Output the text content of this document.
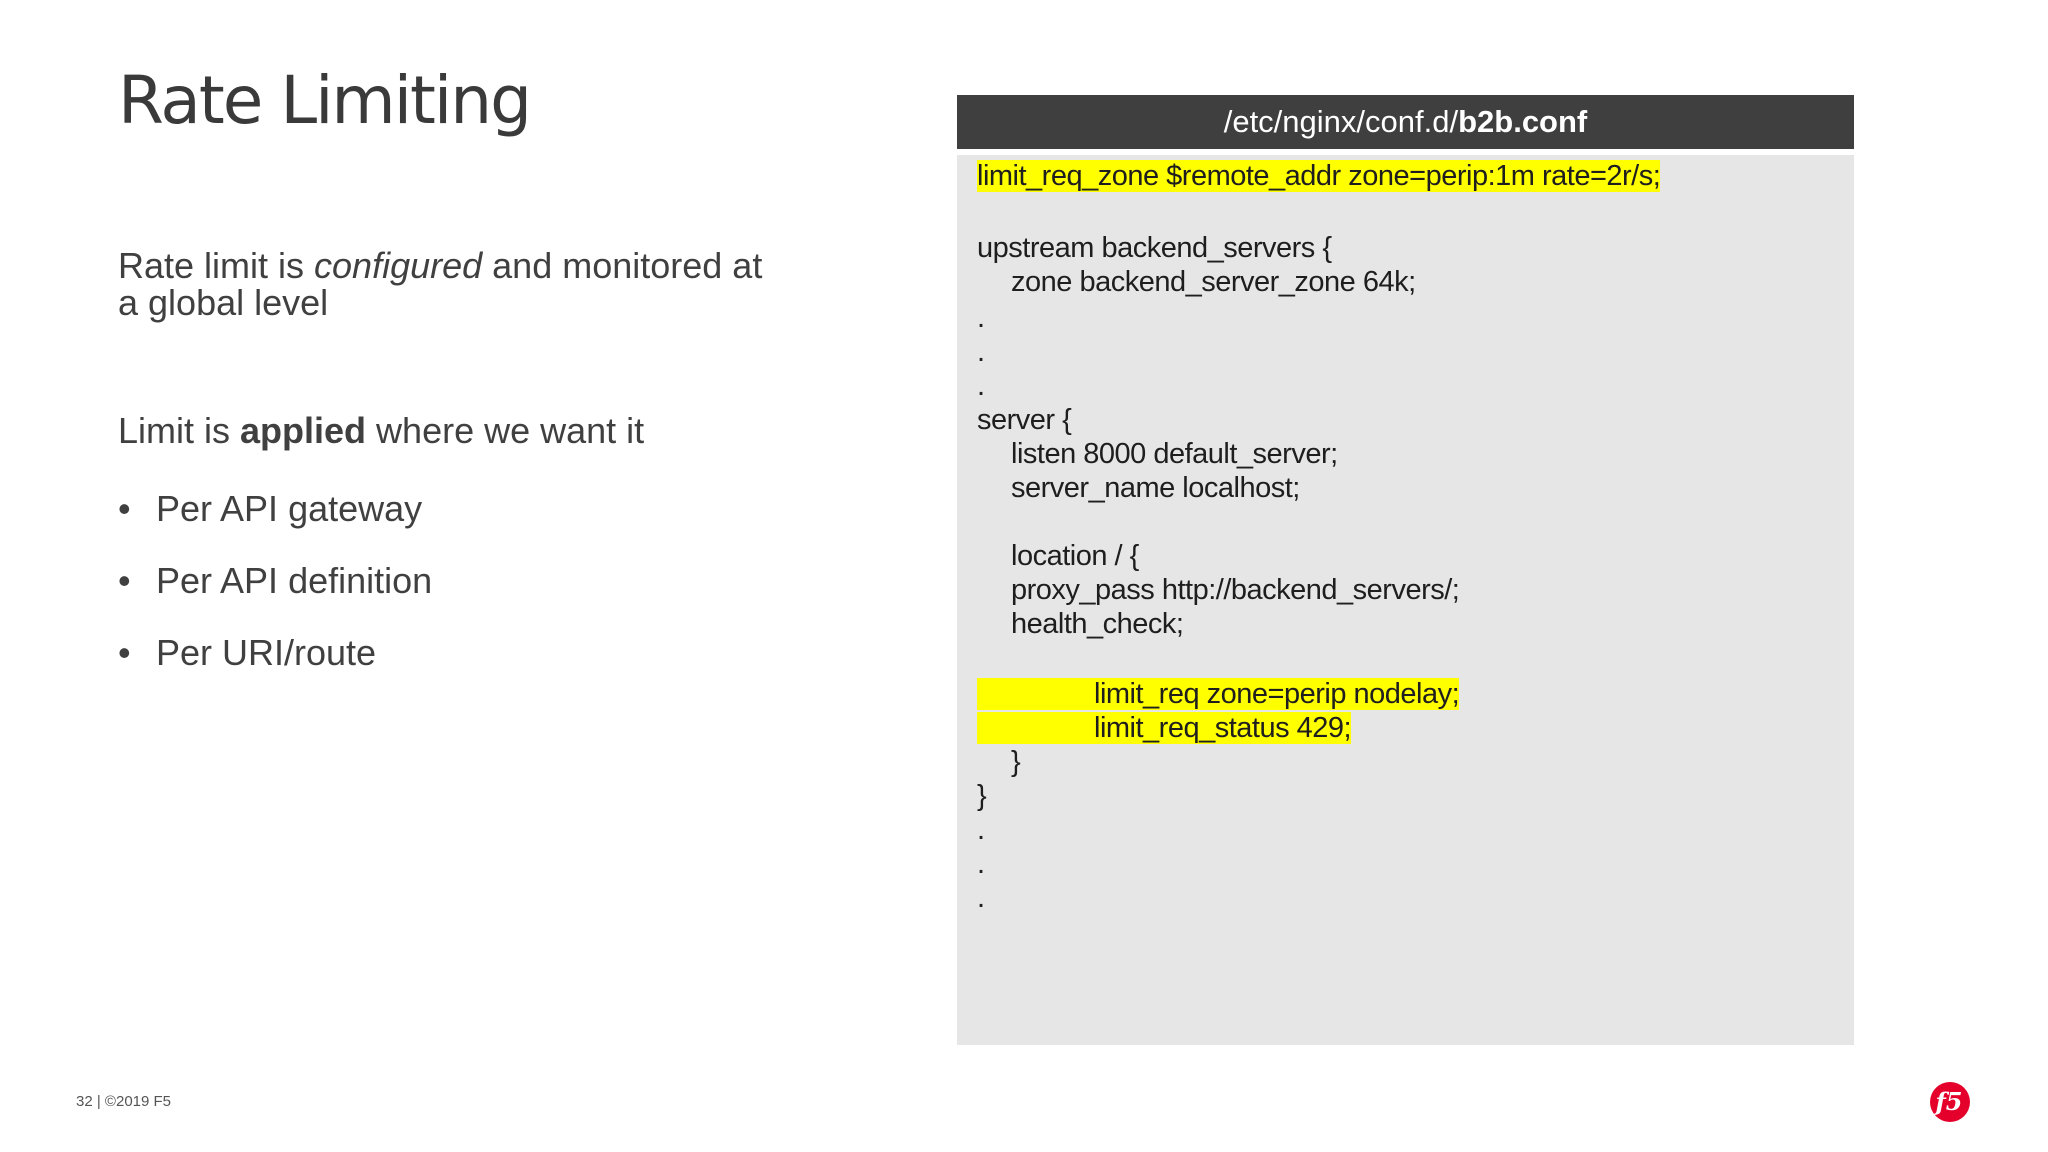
Rate Limiting
Rate limit is configured and monitored at
a global level
Limit is applied where we want it
• Per API gateway
• Per API definition
• Per URI/route
/etc/nginx/conf.d/b2b.conf
limit_req_zone $remote_addr zone=perip:1m rate=2r/s;
upstream backend_servers {
zone backend_server_zone 64k;
.
.
.
server {
listen 8000 default_server;
server_name localhost;
location / {
proxy_pass http://backend_servers/;
health_check;
limit_req zone=perip nodelay;
limit_req_status 429;
}
}
.
.
.
32 | ©2019 F5	f5
